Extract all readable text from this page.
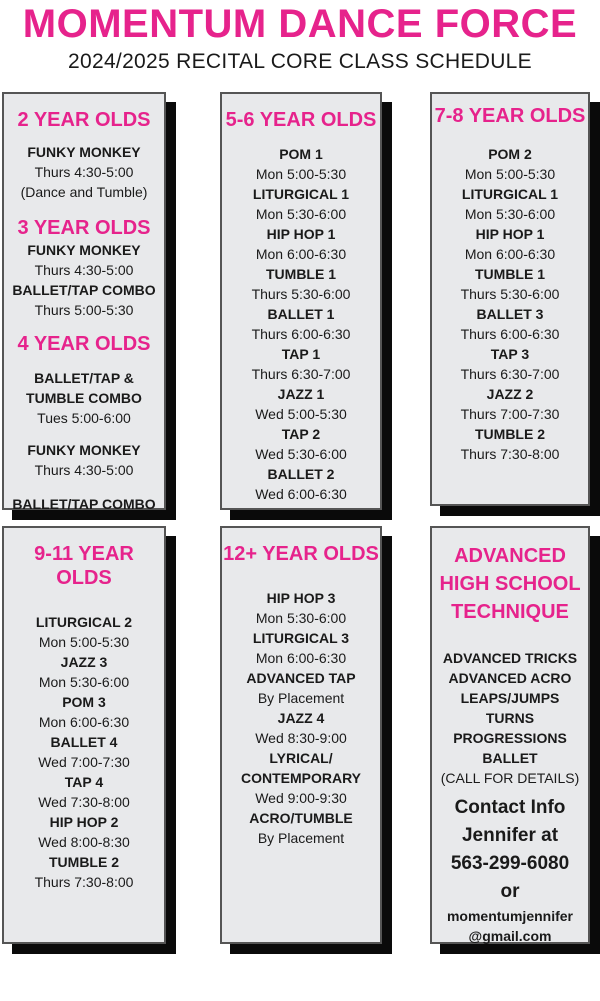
MOMENTUM DANCE FORCE
2024/2025 RECITAL CORE CLASS SCHEDULE
2 YEAR OLDS
FUNKY MONKEY
Thurs 4:30-5:00
(Dance and Tumble)
3 YEAR OLDS
FUNKY MONKEY
Thurs 4:30-5:00
BALLET/TAP COMBO
Thurs 5:00-5:30
4 YEAR OLDS
BALLET/TAP &
TUMBLE COMBO
Tues 5:00-6:00
FUNKY MONKEY
Thurs 4:30-5:00
BALLET/TAP COMBO
5-6 YEAR OLDS
POM 1
Mon 5:00-5:30
LITURGICAL 1
Mon 5:30-6:00
HIP HOP 1
Mon 6:00-6:30
TUMBLE 1
Thurs 5:30-6:00
BALLET 1
Thurs 6:00-6:30
TAP 1
Thurs 6:30-7:00
JAZZ 1
Wed 5:00-5:30
TAP 2
Wed 5:30-6:00
BALLET 2
Wed 6:00-6:30
7-8 YEAR OLDS
POM 2
Mon 5:00-5:30
LITURGICAL 1
Mon 5:30-6:00
HIP HOP 1
Mon 6:00-6:30
TUMBLE 1
Thurs 5:30-6:00
BALLET 3
Thurs 6:00-6:30
TAP 3
Thurs 6:30-7:00
JAZZ 2
Thurs 7:00-7:30
TUMBLE 2
Thurs 7:30-8:00
9-11 YEAR OLDS
LITURGICAL 2
Mon 5:00-5:30
JAZZ 3
Mon 5:30-6:00
POM 3
Mon 6:00-6:30
BALLET 4
Wed 7:00-7:30
TAP 4
Wed 7:30-8:00
HIP HOP 2
Wed 8:00-8:30
TUMBLE 2
Thurs 7:30-8:00
12+ YEAR OLDS
HIP HOP 3
Mon 5:30-6:00
LITURGICAL 3
Mon 6:00-6:30
ADVANCED TAP
By Placement
JAZZ 4
Wed 8:30-9:00
LYRICAL/
CONTEMPORARY
Wed 9:00-9:30
ACRO/TUMBLE
By Placement
ADVANCED
HIGH SCHOOL
TECHNIQUE
ADVANCED TRICKS
ADVANCED ACRO
LEAPS/JUMPS
TURNS
PROGRESSIONS
BALLET
(CALL FOR DETAILS)
Contact Info
Jennifer at
563-299-6080
or
momentumjennifer
@gmail.com
